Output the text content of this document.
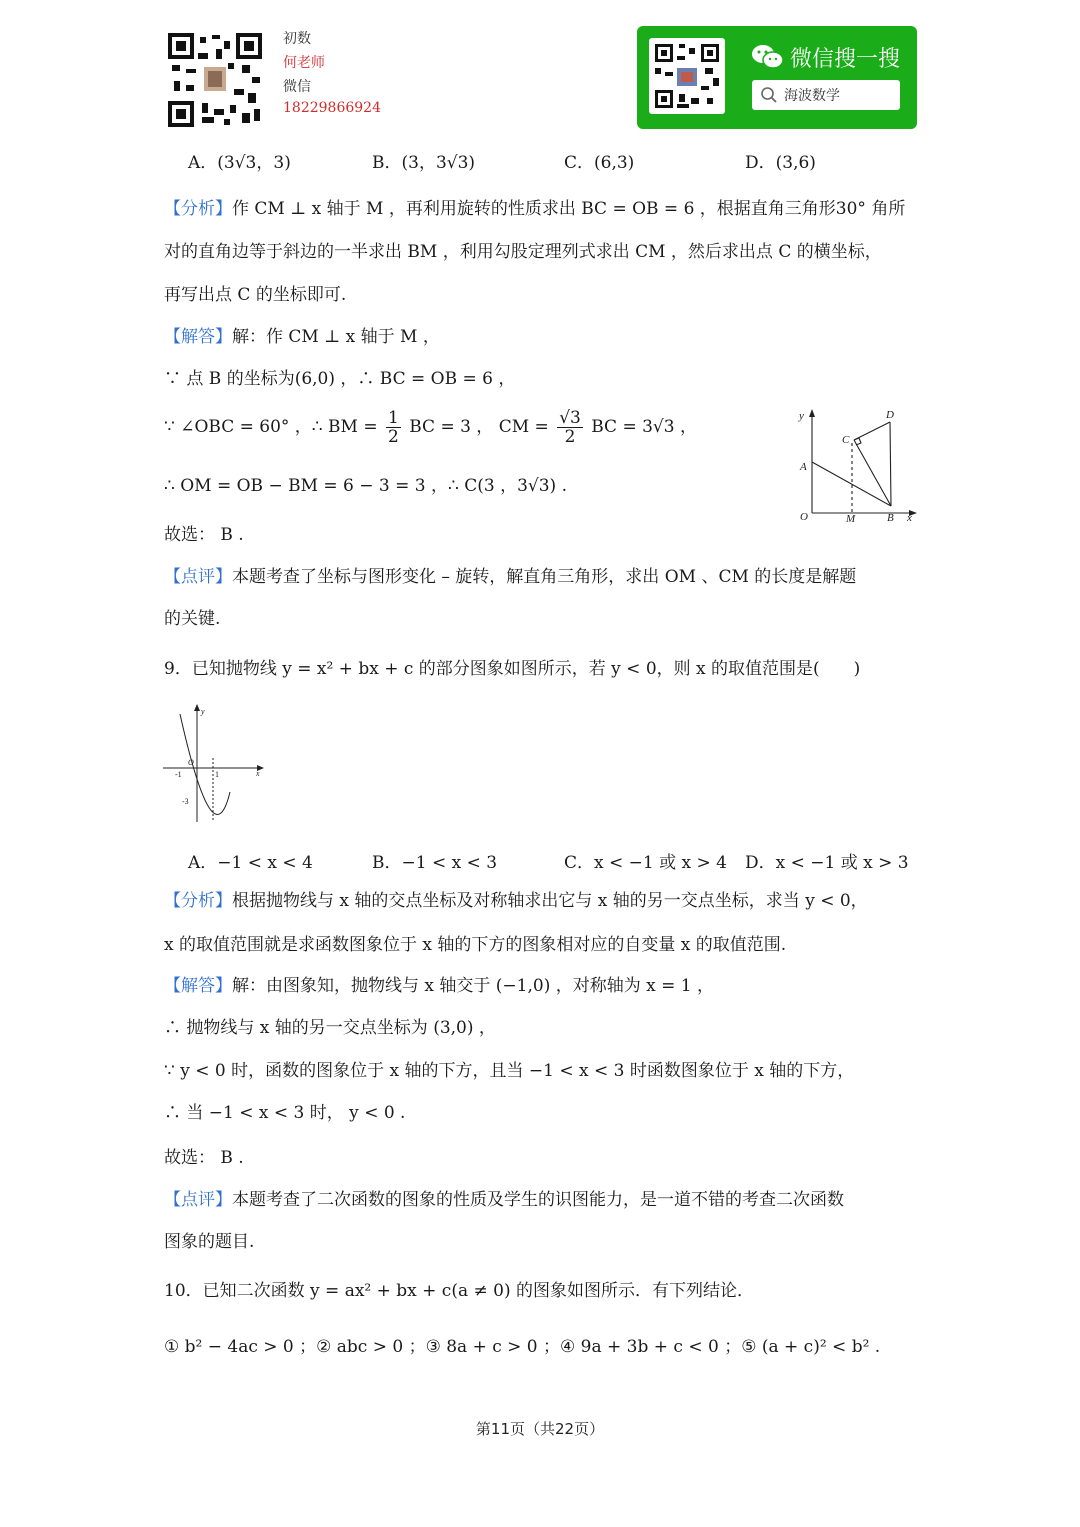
初数
何老师
微信
18229866924
微信搜一搜
海波数学
A．(3√3，3)	B．(3，3√3)	C．(6,3)	D．(3,6)
【分析】作 CM ⊥ x 轴于 M ，再利用旋转的性质求出 BC = OB = 6 ，根据直角三角形30° 角所
对的直角边等于斜边的一半求出 BM ，利用勾股定理列式求出 CM ，然后求出点 C 的横坐标，
再写出点 C 的坐标即可.
【解答】解：作 CM ⊥ x 轴于 M ，
∵ 点 B 的坐标为(6,0) ，∴ BC = OB = 6 ，
∵ ∠OBC = 60° ，∴ BM = $\frac{1}{2}$ BC = 3 ， CM = $\frac{√3}{2}$ BC = 3√3 ，
∴ OM = OB − BM = 6 − 3 = 3 ，∴ C(3 ，3√3) .
故选： B .
【点评】本题考查了坐标与图形变化 – 旋转，解直角三角形，求出 OM 、CM 的长度是解题
的关键.
y
x
O
A
B
C
D
M
9．已知抛物线 y = x² + bx + c 的部分图象如图所示，若 y < 0，则 x 的取值范围是(　　)
y
x
O
-1	1
-3
A．−1 < x < 4	B．−1 < x < 3	C．x < −1 或 x > 4 D．x < −1 或 x > 3
【分析】根据抛物线与 x 轴的交点坐标及对称轴求出它与 x 轴的另一交点坐标，求当 y < 0，
x 的取值范围就是求函数图象位于 x 轴的下方的图象相对应的自变量 x 的取值范围.
【解答】解：由图象知，抛物线与 x 轴交于 (−1,0) ，对称轴为 x = 1 ，
∴ 抛物线与 x 轴的另一交点坐标为 (3,0) ，
∵ y < 0 时，函数的图象位于 x 轴的下方，且当 −1 < x < 3 时函数图象位于 x 轴的下方，
∴ 当 −1 < x < 3 时， y < 0 .
故选： B .
【点评】本题考查了二次函数的图象的性质及学生的识图能力，是一道不错的考查二次函数
图象的题目.
10．已知二次函数 y = ax² + bx + c(a ≠ 0) 的图象如图所示．有下列结论．
① b² − 4ac > 0 ；② abc > 0 ；③ 8a + c > 0 ；④ 9a + 3b + c < 0 ；⑤ (a + c)² < b² .
第11页（共22页）
